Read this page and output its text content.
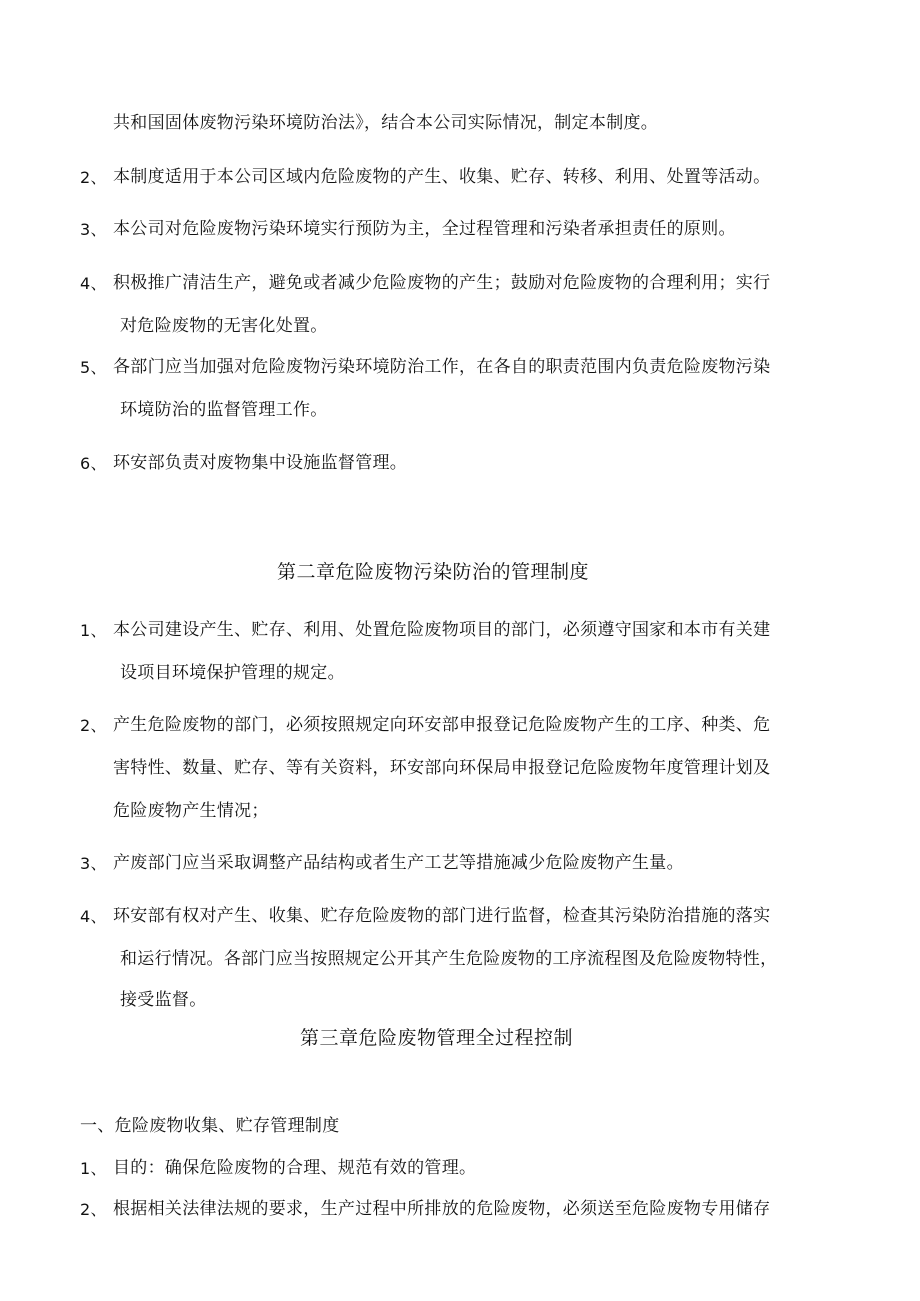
共和国固体废物污染环境防治法》，结合本公司实际情况，制定本制度。
2、 本制度适用于本公司区域内危险废物的产生、收集、贮存、转移、利用、处置等活动。
3、 本公司对危险废物污染环境实行预防为主，全过程管理和污染者承担责任的原则。
4、 积极推广清洁生产，避免或者减少危险废物的产生；鼓励对危险废物的合理利用；实行
对危险废物的无害化处置。
5、 各部门应当加强对危险废物污染环境防治工作，在各自的职责范围内负责危险废物污染
环境防治的监督管理工作。
6、 环安部负责对废物集中设施监督管理。
第二章危险废物污染防治的管理制度
1、 本公司建设产生、贮存、利用、处置危险废物项目的部门，必须遵守国家和本市有关建
设项目环境保护管理的规定。
2、 产生危险废物的部门，必须按照规定向环安部申报登记危险废物产生的工序、种类、危
害特性、数量、贮存、等有关资料，环安部向环保局申报登记危险废物年度管理计划及
危险废物产生情况；
3、 产废部门应当采取调整产品结构或者生产工艺等措施减少危险废物产生量。
4、 环安部有权对产生、收集、贮存危险废物的部门进行监督，检查其污染防治措施的落实
和运行情况。各部门应当按照规定公开其产生危险废物的工序流程图及危险废物特性，
接受监督。
第三章危险废物管理全过程控制
一、危险废物收集、贮存管理制度
1、 目的：确保危险废物的合理、规范有效的管理。
2、 根据相关法律法规的要求，生产过程中所排放的危险废物，必须送至危险废物专用储存
